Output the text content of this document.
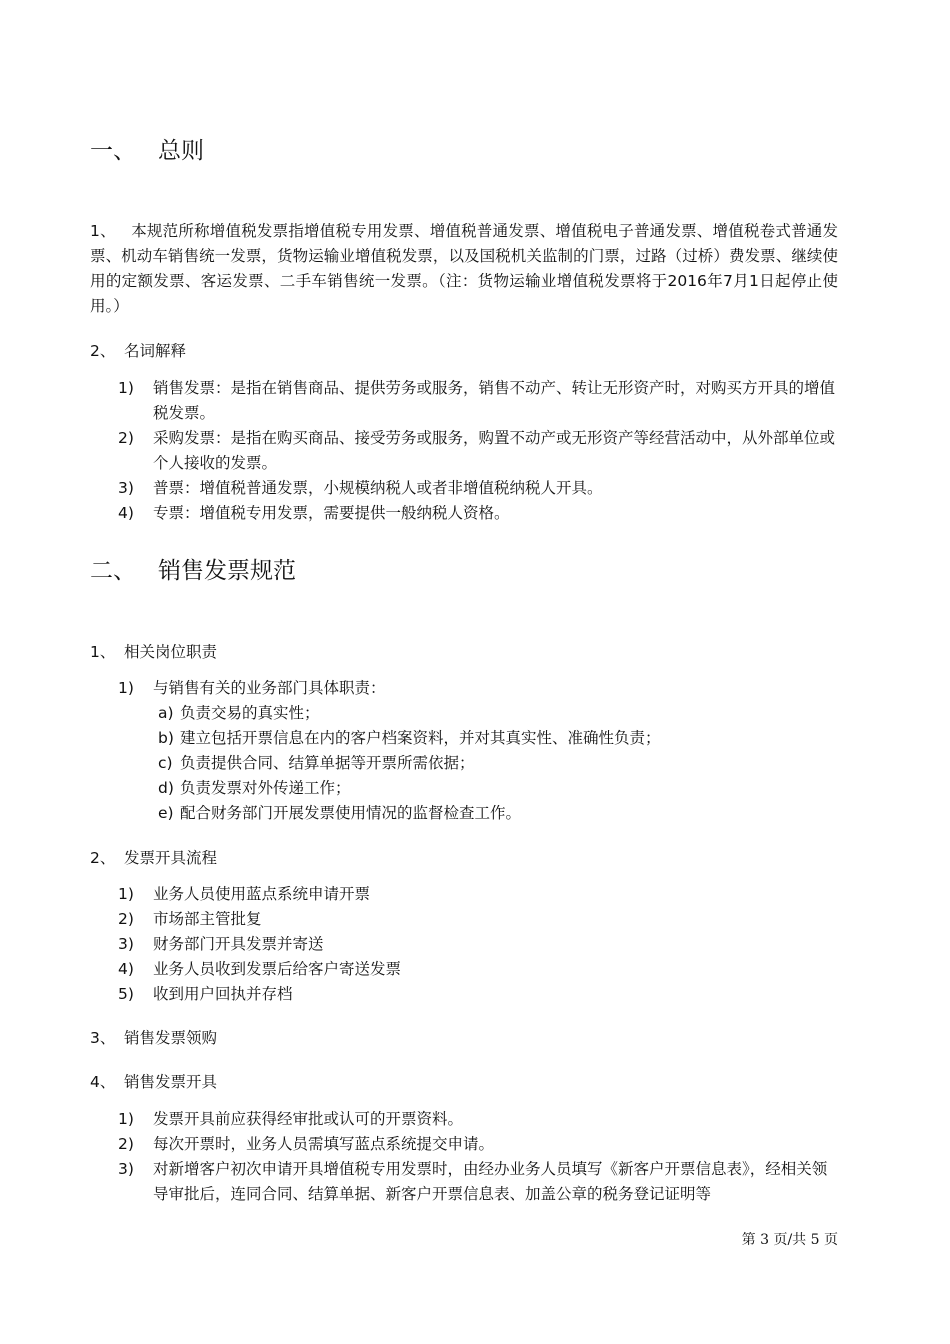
一、 总则
1、 本规范所称增值税发票指增值税专用发票、增值税普通发票、增值税电子普通发票、增值税卷式普通发票、机动车销售统一发票，货物运输业增值税发票，以及国税机关监制的门票，过路（过桥）费发票、继续使用的定额发票、客运发票、二手车销售统一发票。（注：货物运输业增值税发票将于2016年7月1日起停止使用。）
2、 名词解释
1) 销售发票：是指在销售商品、提供劳务或服务，销售不动产、转让无形资产时，对购买方开具的增值税发票。
2) 采购发票：是指在购买商品、接受劳务或服务，购置不动产或无形资产等经营活动中，从外部单位或个人接收的发票。
3) 普票：增值税普通发票，小规模纳税人或者非增值税纳税人开具。
4) 专票：增值税专用发票，需要提供一般纳税人资格。
二、 销售发票规范
1、 相关岗位职责
1) 与销售有关的业务部门具体职责：
a) 负责交易的真实性；
b) 建立包括开票信息在内的客户档案资料，并对其真实性、准确性负责；
c) 负责提供合同、结算单据等开票所需依据；
d) 负责发票对外传递工作；
e) 配合财务部门开展发票使用情况的监督检查工作。
2、 发票开具流程
1) 业务人员使用蓝点系统申请开票
2) 市场部主管批复
3) 财务部门开具发票并寄送
4) 业务人员收到发票后给客户寄送发票
5) 收到用户回执并存档
3、 销售发票领购
4、 销售发票开具
1) 发票开具前应获得经审批或认可的开票资料。
2) 每次开票时，业务人员需填写蓝点系统提交申请。
3) 对新增客户初次申请开具增值税专用发票时，由经办业务人员填写《新客户开票信息表》，经相关领导审批后，连同合同、结算单据、新客户开票信息表、加盖公章的税务登记证明等
第 3 页/共 5 页
